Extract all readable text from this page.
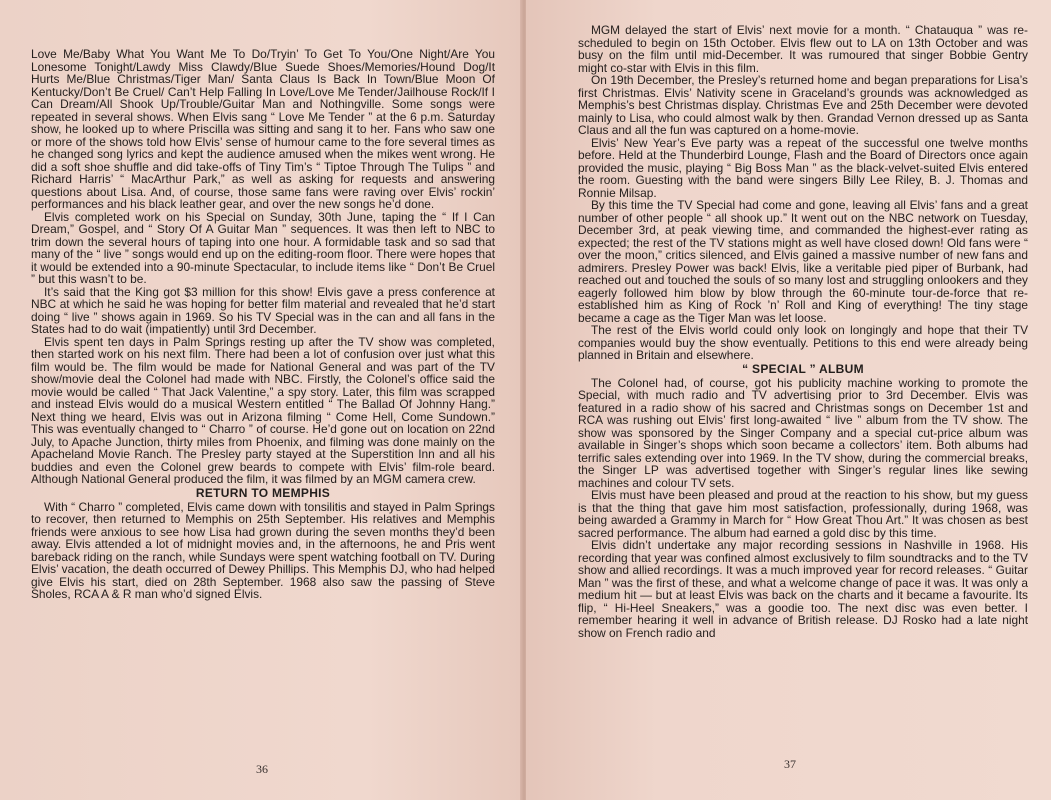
Love Me/Baby What You Want Me To Do/Tryin’ To Get To You/One Night/Are You Lonesome Tonight/Lawdy Miss Clawdy/Blue Suede Shoes/Memories/Hound Dog/It Hurts Me/Blue Christmas/Tiger Man/ Santa Claus Is Back In Town/Blue Moon Of Kentucky/Don’t Be Cruel/ Can’t Help Falling In Love/Love Me Tender/Jailhouse Rock/If I Can Dream/All Shook Up/Trouble/Guitar Man and Nothingville. Some songs were repeated in several shows. When Elvis sang “ Love Me Tender ” at the 6 p.m. Saturday show, he looked up to where Priscilla was sitting and sang it to her. Fans who saw one or more of the shows told how Elvis’ sense of humour came to the fore several times as he changed song lyrics and kept the audience amused when the mikes went wrong. He did a soft shoe shuffle and did take-offs of Tiny Tim’s “ Tiptoe Through The Tulips ” and Richard Harris’ “ MacArthur Park,” as well as asking for requests and answering questions about Lisa. And, of course, those same fans were raving over Elvis’ rockin’ performances and his black leather gear, and over the new songs he’d done.

Elvis completed work on his Special on Sunday, 30th June, taping the “ If I Can Dream,” Gospel, and “ Story Of A Guitar Man ” sequences. It was then left to NBC to trim down the several hours of taping into one hour. A formidable task and so sad that many of the “ live ” songs would end up on the editing-room floor. There were hopes that it would be extended into a 90-minute Spectacular, to include items like “ Don’t Be Cruel ” but this wasn’t to be.

It’s said that the King got $3 million for this show! Elvis gave a press conference at NBC at which he said he was hoping for better film material and revealed that he’d start doing “ live ” shows again in 1969. So his TV Special was in the can and all fans in the States had to do wait (impatiently) until 3rd December.

Elvis spent ten days in Palm Springs resting up after the TV show was completed, then started work on his next film. There had been a lot of confusion over just what this film would be. The film would be made for National General and was part of the TV show/movie deal the Colonel had made with NBC. Firstly, the Colonel’s office said the movie would be called “ That Jack Valentine,” a spy story. Later, this film was scrapped and instead Elvis would do a musical Western entitled “ The Ballad Of Johnny Hang.” Next thing we heard, Elvis was out in Arizona filming “ Come Hell, Come Sundown.” This was eventually changed to “ Charro ” of course. He’d gone out on location on 22nd July, to Apache Junction, thirty miles from Phoenix, and filming was done mainly on the Apacheland Movie Ranch. The Presley party stayed at the Superstition Inn and all his buddies and even the Colonel grew beards to compete with Elvis’ film-role beard. Although National General produced the film, it was filmed by an MGM camera crew.

RETURN TO MEMPHIS

With “ Charro ” completed, Elvis came down with tonsilitis and stayed in Palm Springs to recover, then returned to Memphis on 25th September. His relatives and Memphis friends were anxious to see how Lisa had grown during the seven months they’d been away. Elvis attended a lot of midnight movies and, in the afternoons, he and Pris went bareback riding on the ranch, while Sundays were spent watching football on TV. During Elvis’ vacation, the death occurred of Dewey Phillips. This Memphis DJ, who had helped give Elvis his start, died on 28th September. 1968 also saw the passing of Steve Sholes, RCA A & R man who’d signed Elvis.

36

MGM delayed the start of Elvis’ next movie for a month. “ Chatauqua ” was re-scheduled to begin on 15th October. Elvis flew out to LA on 13th October and was busy on the film until mid-December. It was rumoured that singer Bobbie Gentry might co-star with Elvis in this film.

On 19th December, the Presley’s returned home and began preparations for Lisa’s first Christmas. Elvis’ Nativity scene in Graceland’s grounds was acknowledged as Memphis’s best Christmas display. Christmas Eve and 25th December were devoted mainly to Lisa, who could almost walk by then. Grandad Vernon dressed up as Santa Claus and all the fun was captured on a home-movie.

Elvis’ New Year’s Eve party was a repeat of the successful one twelve months before. Held at the Thunderbird Lounge, Flash and the Board of Directors once again provided the music, playing “ Big Boss Man ” as the black-velvet-suited Elvis entered the room. Guesting with the band were singers Billy Lee Riley, B. J. Thomas and Ronnie Milsap.

By this time the TV Special had come and gone, leaving all Elvis’ fans and a great number of other people “ all shook up.” It went out on the NBC network on Tuesday, December 3rd, at peak viewing time, and commanded the highest-ever rating as expected; the rest of the TV stations might as well have closed down! Old fans were “ over the moon,” critics silenced, and Elvis gained a massive number of new fans and admirers. Presley Power was back! Elvis, like a veritable pied piper of Burbank, had reached out and touched the souls of so many lost and struggling onlookers and they eagerly followed him blow by blow through the 60-minute tour-de-force that re-established him as King of Rock ’n’ Roll and King of everything! The tiny stage became a cage as the Tiger Man was let loose.

The rest of the Elvis world could only look on longingly and hope that their TV companies would buy the show eventually. Petitions to this end were already being planned in Britain and elsewhere.

“ SPECIAL ” ALBUM

The Colonel had, of course, got his publicity machine working to promote the Special, with much radio and TV advertising prior to 3rd December. Elvis was featured in a radio show of his sacred and Christmas songs on December 1st and RCA was rushing out Elvis’ first long-awaited “ live ” album from the TV show. The show was sponsored by the Singer Company and a special cut-price album was available in Singer’s shops which soon became a collectors’ item. Both albums had terrific sales extending over into 1969. In the TV show, during the commercial breaks, the Singer LP was advertised together with Singer’s regular lines like sewing machines and colour TV sets.

Elvis must have been pleased and proud at the reaction to his show, but my guess is that the thing that gave him most satisfaction, professionally, during 1968, was being awarded a Grammy in March for “ How Great Thou Art.” It was chosen as best sacred performance. The album had earned a gold disc by this time.

Elvis didn’t undertake any major recording sessions in Nashville in 1968. His recording that year was confined almost exclusively to film soundtracks and to the TV show and allied recordings. It was a much improved year for record releases. “ Guitar Man ” was the first of these, and what a welcome change of pace it was. It was only a medium hit — but at least Elvis was back on the charts and it became a favourite. Its flip, “ Hi-Heel Sneakers,” was a goodie too. The next disc was even better. I remember hearing it well in advance of British release. DJ Rosko had a late night show on French radio and

37
